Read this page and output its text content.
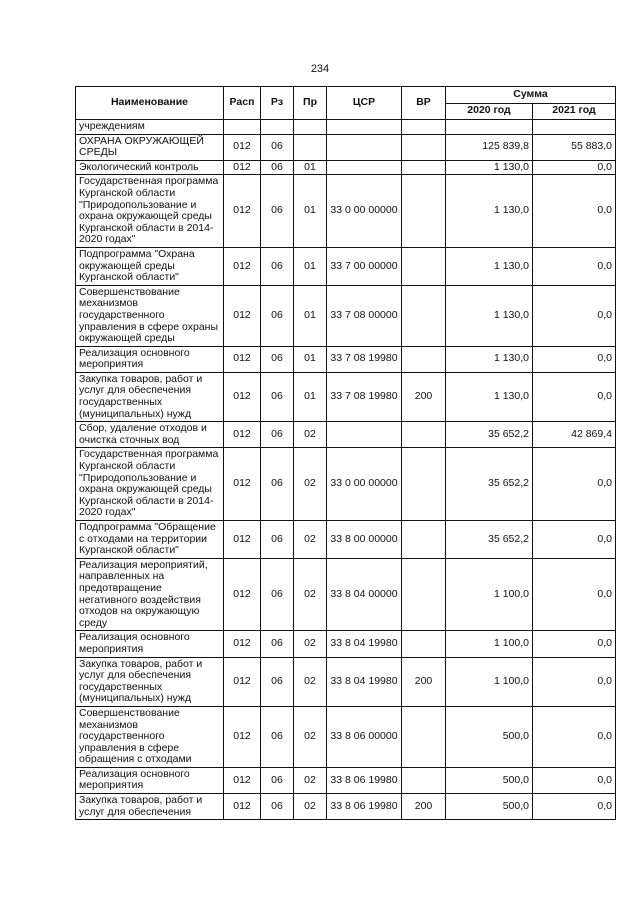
234
Наименование	Расп	Рз	Пр	ЦСР	ВР	Сумма	
						2020 год	2021 год
учреждениям							
ОХРАНА ОКРУЖАЮЩЕЙ СРЕДЫ	012	06				125 839,8	55 883,0
Экологический контроль	012	06	01			1 130,0	0,0
Государственная программа Курганской области "Природопользование и охрана окружающей среды Курганской области в 2014-2020 годах"	012	06	01	33 0 00 00000		1 130,0	0,0
Подпрограмма "Охрана окружающей среды Курганской области"	012	06	01	33 7 00 00000		1 130,0	0,0
Совершенствование механизмов государственного управления в сфере охраны окружающей среды	012	06	01	33 7 08 00000		1 130,0	0,0
Реализация основного мероприятия	012	06	01	33 7 08 19980		1 130,0	0,0
Закупка товаров, работ и услуг для обеспечения государственных (муниципальных) нужд	012	06	01	33 7 08 19980	200	1 130,0	0,0
Сбор, удаление отходов и очистка сточных вод	012	06	02			35 652,2	42 869,4
Государственная программа Курганской области "Природопользование и охрана окружающей среды Курганской области в 2014-2020 годах"	012	06	02	33 0 00 00000		35 652,2	0,0
Подпрограмма "Обращение с отходами на территории Курганской области"	012	06	02	33 8 00 00000		35 652,2	0,0
Реализация мероприятий, направленных на предотвращение негативного воздействия отходов на окружающую среду	012	06	02	33 8 04 00000		1 100,0	0,0
Реализация основного мероприятия	012	06	02	33 8 04 19980		1 100,0	0,0
Закупка товаров, работ и услуг для обеспечения государственных (муниципальных) нужд	012	06	02	33 8 04 19980	200	1 100,0	0,0
Совершенствование механизмов государственного управления в сфере обращения с отходами	012	06	02	33 8 06 00000		500,0	0,0
Реализация основного мероприятия	012	06	02	33 8 06 19980		500,0	0,0
Закупка товаров, работ и услуг для обеспечения	012	06	02	33 8 06 19980	200	500,0	0,0
